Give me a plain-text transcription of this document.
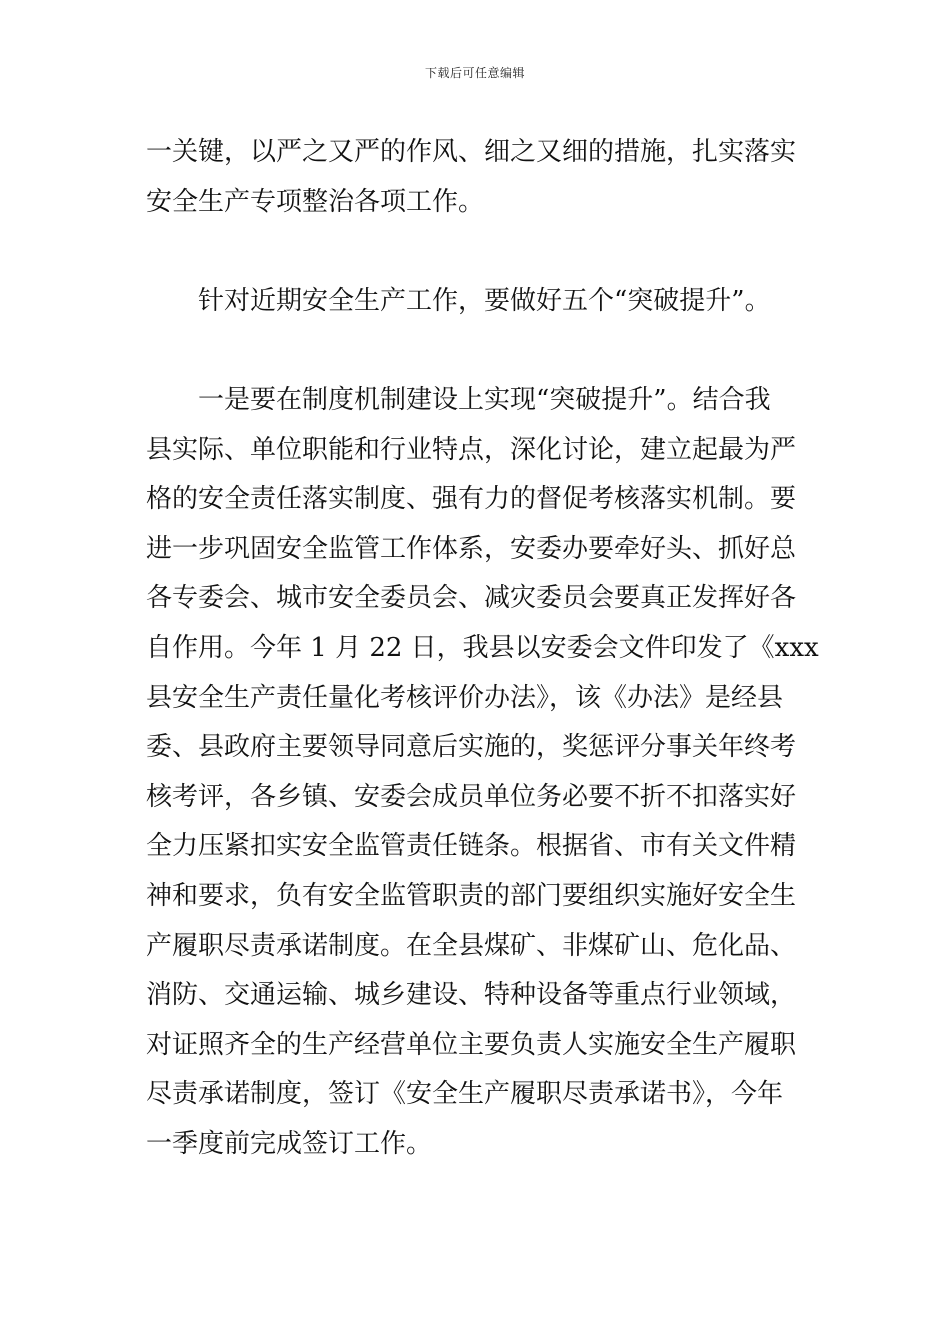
下载后可任意编辑
一关键，以严之又严的作风、细之又细的措施，扎实落实
安全生产专项整治各项工作。
　　针对近期安全生产工作，要做好五个“突破提升”。
　　一是要在制度机制建设上实现“突破提升”。结合我
县实际、单位职能和行业特点，深化讨论，建立起最为严
格的安全责任落实制度、强有力的督促考核落实机制。要
进一步巩固安全监管工作体系，安委办要牵好头、抓好总
各专委会、城市安全委员会、减灾委员会要真正发挥好各
自作用。今年 1 月 22 日，我县以安委会文件印发了《xxx
县安全生产责任量化考核评价办法》，该《办法》是经县
委、县政府主要领导同意后实施的，奖惩评分事关年终考
核考评，各乡镇、安委会成员单位务必要不折不扣落实好
全力压紧扣实安全监管责任链条。根据省、市有关文件精
神和要求，负有安全监管职责的部门要组织实施好安全生
产履职尽责承诺制度。在全县煤矿、非煤矿山、危化品、
消防、交通运输、城乡建设、特种设备等重点行业领域，
对证照齐全的生产经营单位主要负责人实施安全生产履职
尽责承诺制度，签订《安全生产履职尽责承诺书》，今年
一季度前完成签订工作。
